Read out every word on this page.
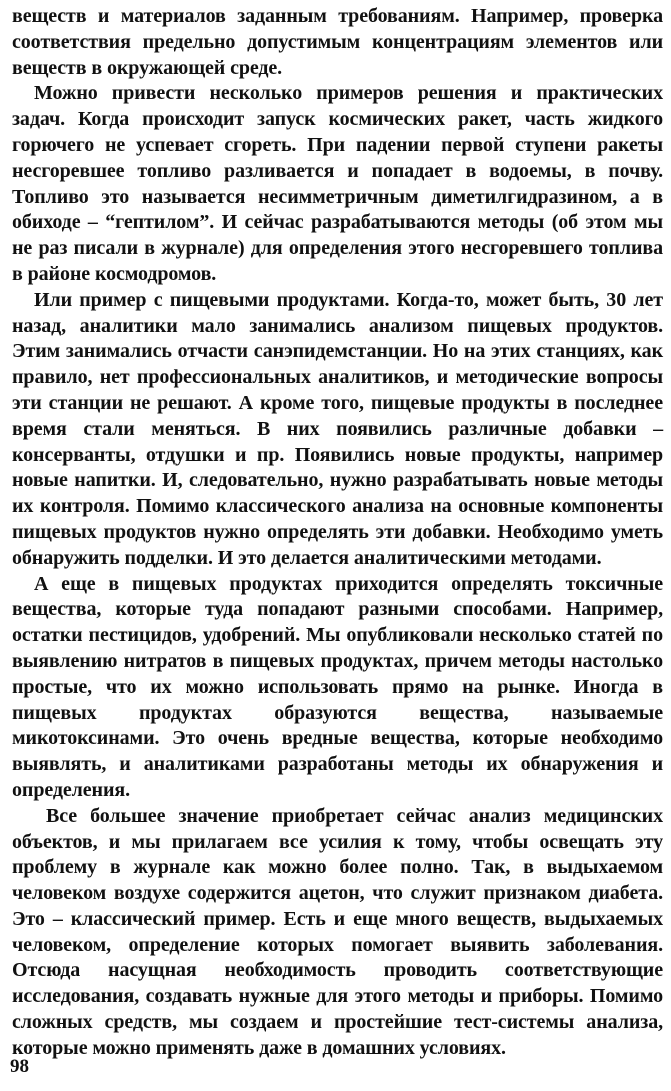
веществ и материалов заданным требованиям. Например, проверка соответствия предельно допустимым концентрациям элементов или веществ в окружающей среде.

Можно привести несколько примеров решения и практических задач. Когда происходит запуск космических ракет, часть жидкого горючего не успевает сгореть. При падении первой ступени ракеты несгоревшее топливо разливается и попадает в водоемы, в почву. Топливо это называется несимметричным диметилгидразином, а в обиходе – “гептилом”. И сейчас разрабатываются методы (об этом мы не раз писали в журнале) для определения этого несгоревшего топлива в районе космодромов.

Или пример с пищевыми продуктами. Когда-то, может быть, 30 лет назад, аналитики мало занимались анализом пищевых продуктов. Этим занимались отчасти санэпидемстанции. Но на этих станциях, как правило, нет профессиональных аналитиков, и методические вопросы эти станции не решают. А кроме того, пищевые продукты в последнее время стали меняться. В них появились различные добавки – консерванты, отдушки и пр. Появились новые продукты, например новые напитки. И, следовательно, нужно разрабатывать новые методы их контроля. Помимо классического анализа на основные компоненты пищевых продуктов нужно определять эти добавки. Необходимо уметь обнаружить подделки. И это делается аналитическими методами.

А еще в пищевых продуктах приходится определять токсичные вещества, которые туда попадают разными способами. Например, остатки пестицидов, удобрений. Мы опубликовали несколько статей по выявлению нитратов в пищевых продуктах, причем методы настолько простые, что их можно использовать прямо на рынке. Иногда в пищевых продуктах образуются вещества, называемые микотоксинами. Это очень вредные вещества, которые необходимо выявлять, и аналитиками разработаны методы их обнаружения и определения.

Все большее значение приобретает сейчас анализ медицинских объектов, и мы прилагаем все усилия к тому, чтобы освещать эту проблему в журнале как можно более полно. Так, в выдыхаемом человеком воздухе содержится ацетон, что служит признаком диабета. Это – классический пример. Есть и еще много веществ, выдыхаемых человеком, определение которых помогает выявить заболевания. Отсюда насущная необходимость проводить соответствующие исследования, создавать нужные для этого методы и приборы. Помимо сложных средств, мы создаем и простейшие тест-системы анализа, которые можно применять даже в домашних условиях.

98
